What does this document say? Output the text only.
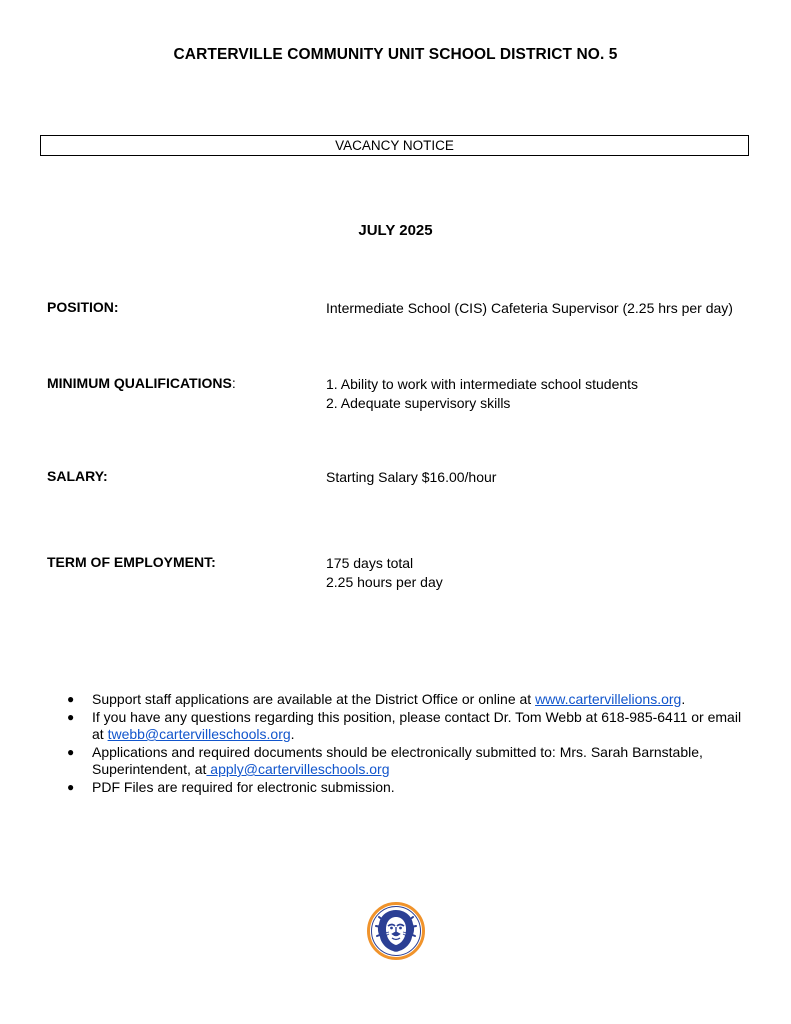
CARTERVILLE COMMUNITY UNIT SCHOOL DISTRICT NO. 5
VACANCY NOTICE
JULY 2025
POSITION:	Intermediate School (CIS) Cafeteria Supervisor (2.25 hrs per day)
MINIMUM QUALIFICATIONS:	1. Ability to work with intermediate school students
2. Adequate supervisory skills
SALARY:	Starting Salary $16.00/hour
TERM OF EMPLOYMENT:	175 days total
2.25 hours per day
● Support staff applications are available at the District Office or online at www.cartervillelions.org.
● If you have any questions regarding this position, please contact Dr. Tom Webb at 618-985-6411 or email at twebb@cartervilleschools.org.
● Applications and required documents should be electronically submitted to: Mrs. Sarah Barnstable, Superintendent, at apply@cartervilleschools.org
● PDF Files are required for electronic submission.
